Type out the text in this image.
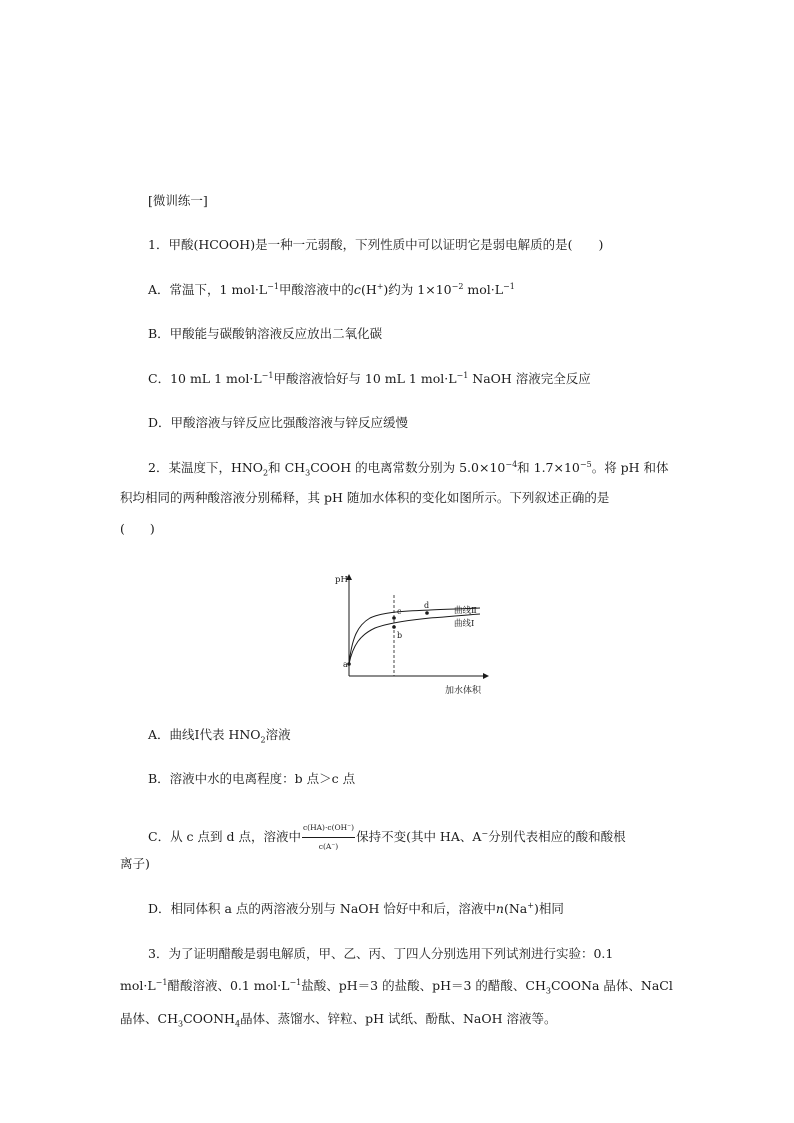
[微训练一]
1．甲酸(HCOOH)是一种一元弱酸，下列性质中可以证明它是弱电解质的是( )
A．常温下，1 $mol\cdot L^{-1}$甲酸溶液中的c(H+)约为 $1\times 10^{-2}$ $mol\cdot L^{-1}$
B．甲酸能与碳酸钠溶液反应放出二氧化碳
C．10 mL 1 $mol\cdot L^{-1}$甲酸溶液恰好与 10 mL 1 $mol\cdot L^{-1}$ NaOH 溶液完全反应
D．甲酸溶液与锌反应比强酸溶液与锌反应缓慢
2．某温度下，$HNO_2$和 $CH_3COOH$ 的电离常数分别为 $5.0\times 10^{-4}$和 $1.7\times 10^{-5}$。将 pH 和体
积均相同的两种酸溶液分别稀释，其 pH 随加水体积的变化如图所示。下列叙述正确的是
(　　)
pH
加水体积
a
c
b
d
曲线Ⅱ
曲线Ⅰ
A．曲线Ⅰ代表 $HNO_2$溶液
B．溶液中水的电离程度：b 点＞c 点
C．从 c 点到 d 点，溶液中 $\frac{c(HA)\cdot c(OH^-)}{c(A^-)}$ 保持不变(其中 HA、A−分别代表相应的酸和酸根
离子)
D．相同体积 a 点的两溶液分别与 NaOH 恰好中和后，溶液中n(Na+)相同
3．为了证明醋酸是弱电解质，甲、乙、丙、丁四人分别选用下列试剂进行实验：0.1
$mol\cdot L^{-1}$醋酸溶液、0.1 $mol\cdot L^{-1}$盐酸、pH＝3 的盐酸、pH＝3 的醋酸、$CH_3COONa$ 晶体、NaCl
晶体、$CH_3COONH_4$晶体、蒸馏水、锌粒、pH 试纸、酚酞、NaOH 溶液等。
